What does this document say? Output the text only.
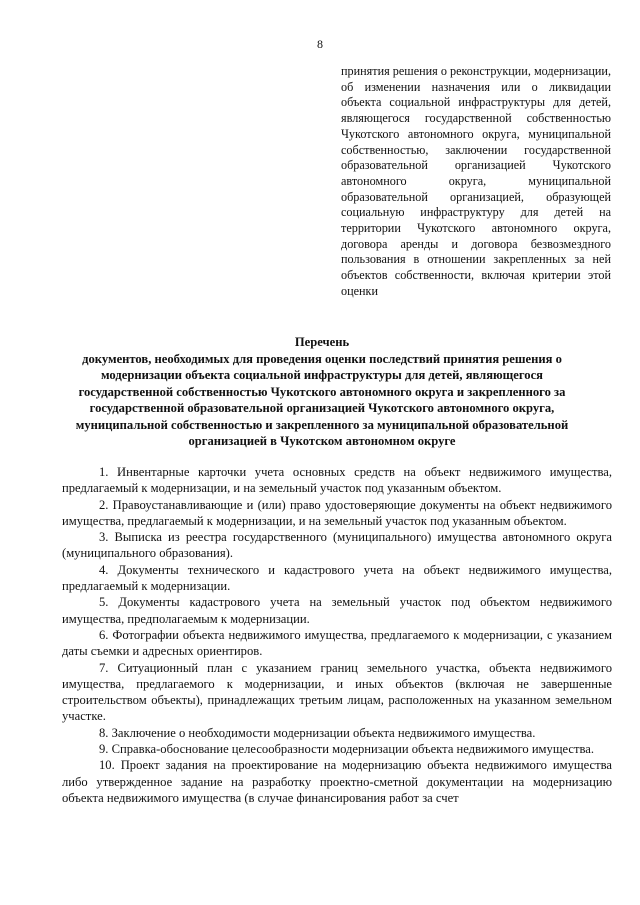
8

принятия решения о реконструкции, модернизации, об изменении назначения или о ликвидации объекта социальной инфраструктуры для детей, являющегося государственной собственностью Чукотского автономного округа, муниципальной собственностью, заключении государственной образовательной организацией Чукотского автономного округа, муниципальной образовательной организацией, образующей социальную инфраструктуру для детей на территории Чукотского автономного округа, договора аренды и договора безвозмездного пользования в отношении закрепленных за ней объектов собственности, включая критерии этой оценки

Перечень

документов, необходимых для проведения оценки последствий принятия решения о модернизации объекта социальной инфраструктуры для детей, являющегося государственной собственностью Чукотского автономного округа и закрепленного за государственной образовательной организацией Чукотского автономного округа, муниципальной собственностью и закрепленного за муниципальной образовательной организацией в Чукотском автономном округе

1. Инвентарные карточки учета основных средств на объект недвижимого имущества, предлагаемый к модернизации, и на земельный участок под указанным объектом.

2. Правоустанавливающие и (или) право удостоверяющие документы на объект недвижимого имущества, предлагаемый к модернизации, и на земельный участок под указанным объектом.

3. Выписка из реестра государственного (муниципального) имущества автономного округа (муниципального образования).

4. Документы технического и кадастрового учета на объект недвижимого имущества, предлагаемый к модернизации.

5. Документы кадастрового учета на земельный участок под объектом недвижимого имущества, предполагаемым к модернизации.

6. Фотографии объекта недвижимого имущества, предлагаемого к модернизации, с указанием даты съемки и адресных ориентиров.

7. Ситуационный план с указанием границ земельного участка, объекта недвижимого имущества, предлагаемого к модернизации, и иных объектов (включая не завершенные строительством объекты), принадлежащих третьим лицам, расположенных на указанном земельном участке.

8. Заключение о необходимости модернизации объекта недвижимого имущества.

9. Справка-обоснование целесообразности модернизации объекта недвижимого имущества.

10. Проект задания на проектирование на модернизацию объекта недвижимого имущества либо утвержденное задание на разработку проектно-сметной документации на модернизацию объекта недвижимого имущества (в случае финансирования работ за счет
